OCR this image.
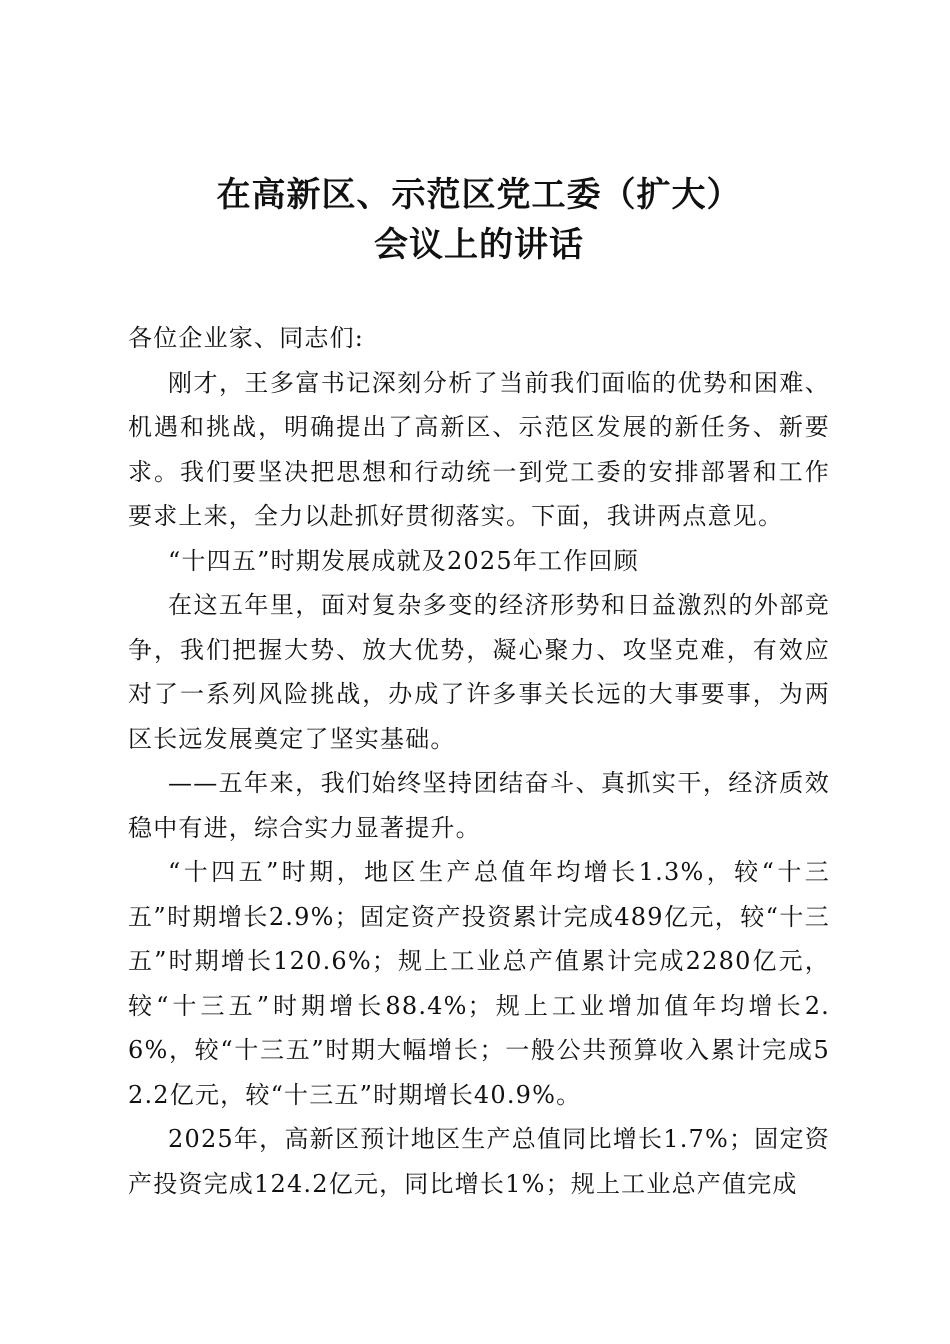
在高新区、示范区党工委（扩大）
会议上的讲话

各位企业家、同志们:

刚才，王多富书记深刻分析了当前我们面临的优势和困难、机遇和挑战，明确提出了高新区、示范区发展的新任务、新要求。我们要坚决把思想和行动统一到党工委的安排部署和工作要求上来，全力以赴抓好贯彻落实。下面，我讲两点意见。

“十四五”时期发展成就及2025年工作回顾

在这五年里，面对复杂多变的经济形势和日益激烈的外部竞争，我们把握大势、放大优势，凝心聚力、攻坚克难，有效应对了一系列风险挑战，办成了许多事关长远的大事要事，为两区长远发展奠定了坚实基础。

——五年来，我们始终坚持团结奋斗、真抓实干，经济质效稳中有进，综合实力显著提升。

“十四五”时期，地区生产总值年均增长1.3%，较“十三五”时期增长2.9%；固定资产投资累计完成489亿元，较“十三五”时期增长120.6%；规上工业总产值累计完成2280亿元，较“十三五”时期增长88.4%；规上工业增加值年均增长2.6%，较“十三五”时期大幅增长；一般公共预算收入累计完成52.2亿元，较“十三五”时期增长40.9%。

2025年，高新区预计地区生产总值同比增长1.7%；固定资产投资完成124.2亿元，同比增长1%；规上工业总产值完成
